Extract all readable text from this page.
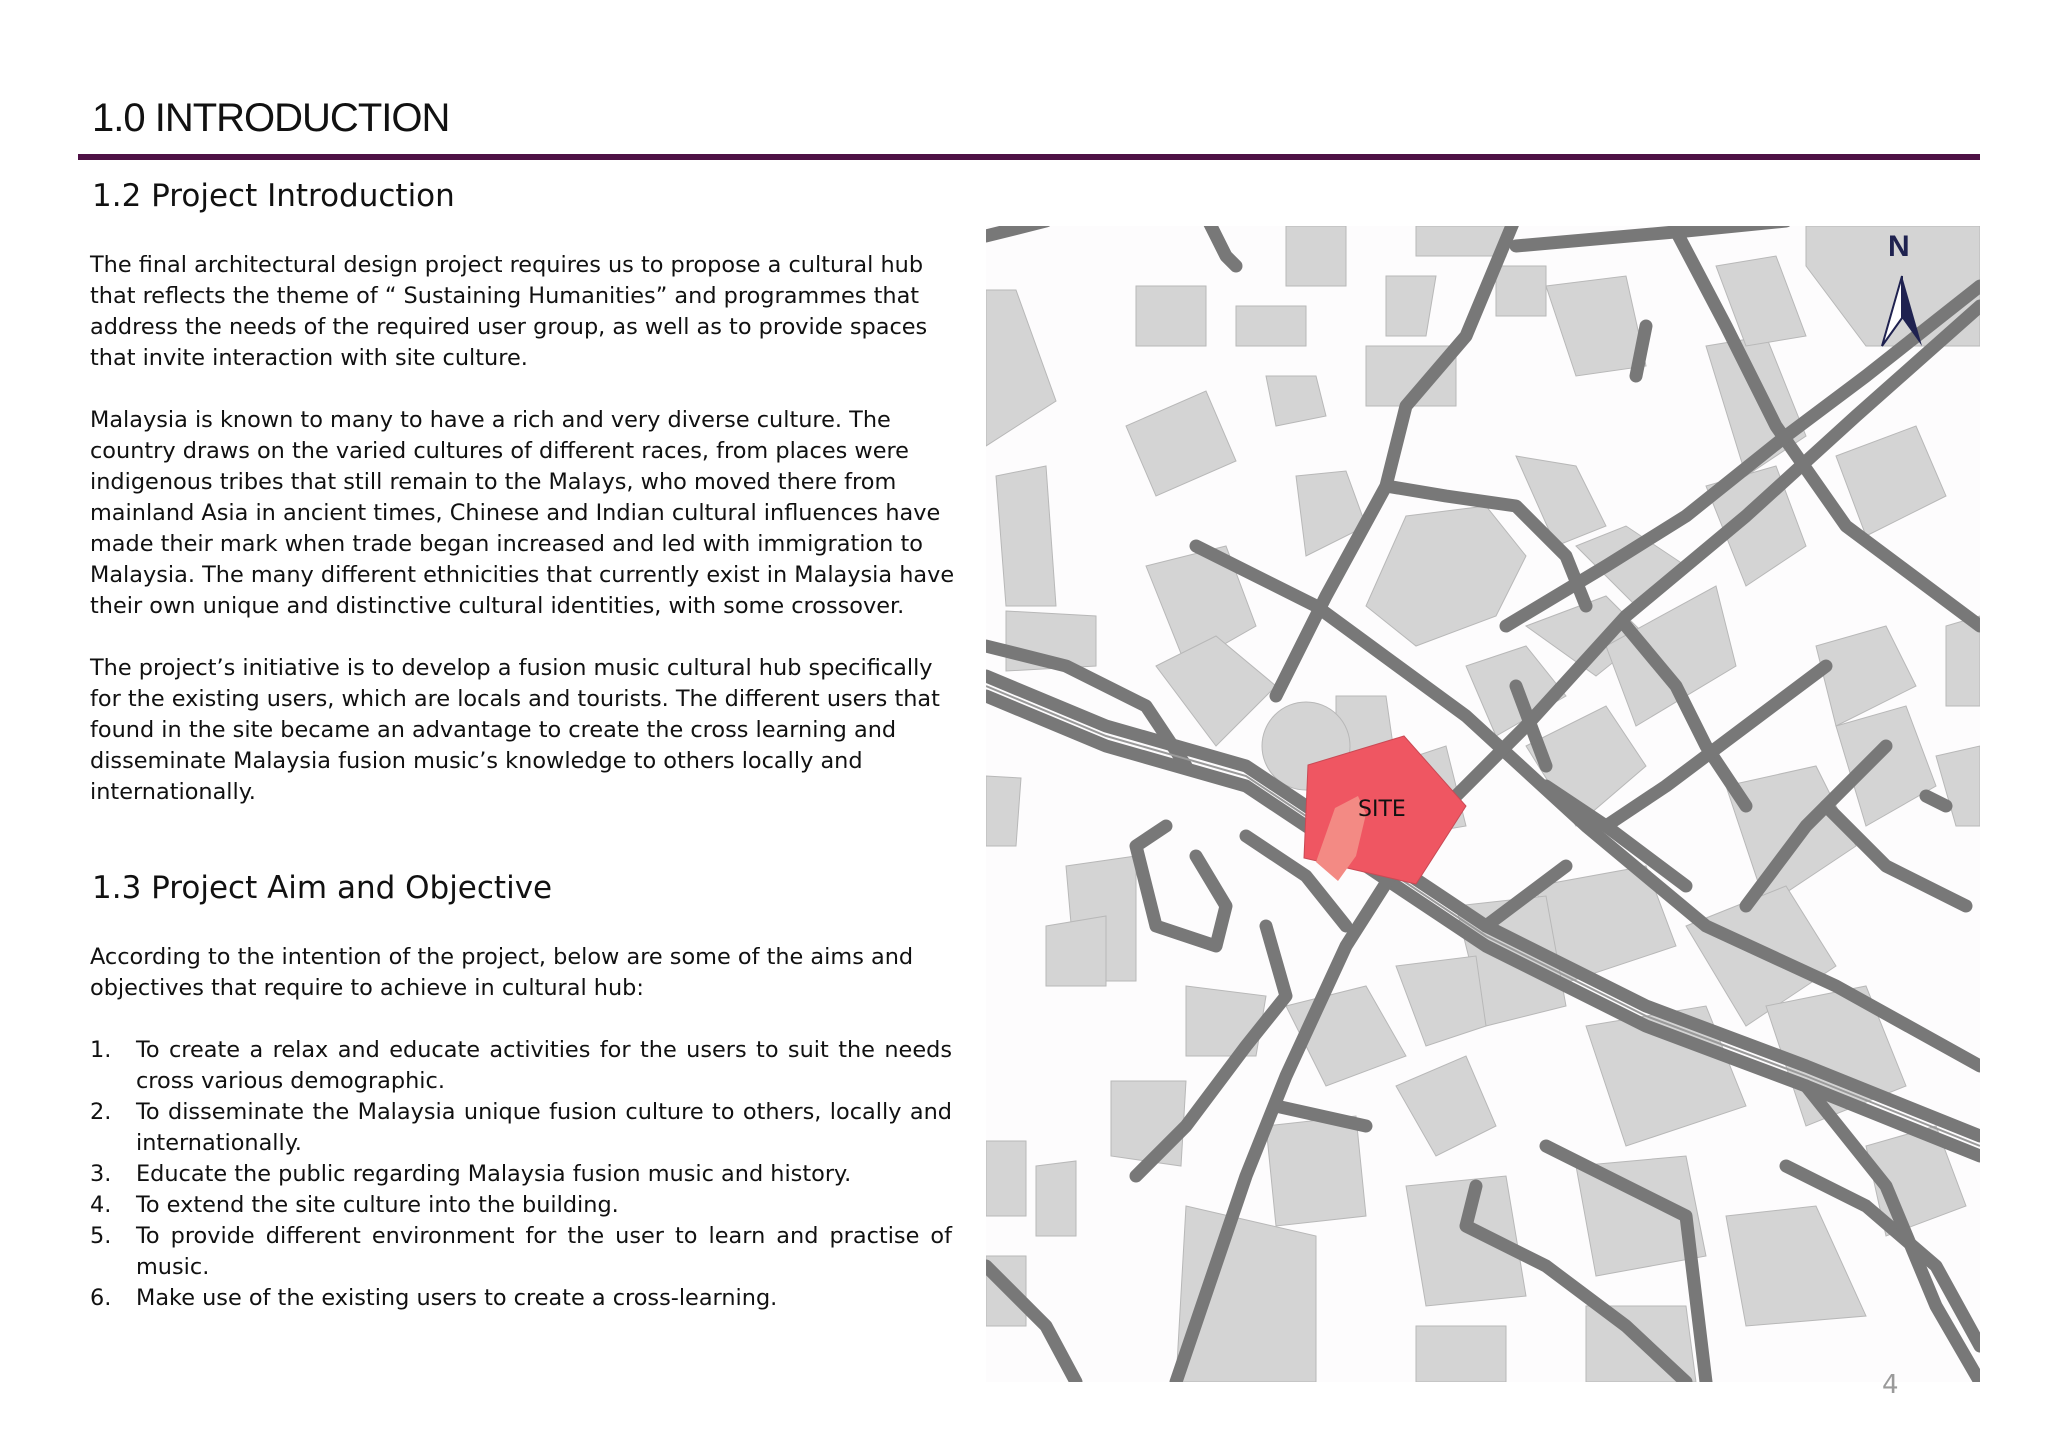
1.0 INTRODUCTION
1.2 Project Introduction

The final architectural design project requires us to propose a cultural hub that reflects the theme of “ Sustaining Humanities” and programmes that address the needs of the required user group, as well as to provide spaces that invite interaction with site culture.

Malaysia is known to many to have a rich and very diverse culture. The country draws on the varied cultures of different races, from places were indigenous tribes that still remain to the Malays, who moved there from mainland Asia in ancient times, Chinese and Indian cultural influences have made their mark when trade began increased and led with immigration to Malaysia. The many different ethnicities that currently exist in Malaysia have their own unique and distinctive cultural identities, with some crossover.

The project’s initiative is to develop a fusion music cultural hub specifically for the existing users, which are locals and tourists. The different users that found in the site became an advantage to create the cross learning and disseminate Malaysia fusion music’s knowledge to others locally and internationally.

1.3 Project Aim and Objective

According to the intention of the project, below are some of the aims and objectives that require to achieve in cultural hub:

1.	To create a relax and educate activities for the users to suit the needs cross various demographic.
2.	To disseminate the Malaysia unique fusion culture to others, locally and internationally.
3.	Educate the public regarding Malaysia fusion music and history.
4.	To extend the site culture into the building.
5.	To provide different environment for the user to learn and practise of music.
6.	Make use of the existing users to create a cross-learning.
SITE
N
4
